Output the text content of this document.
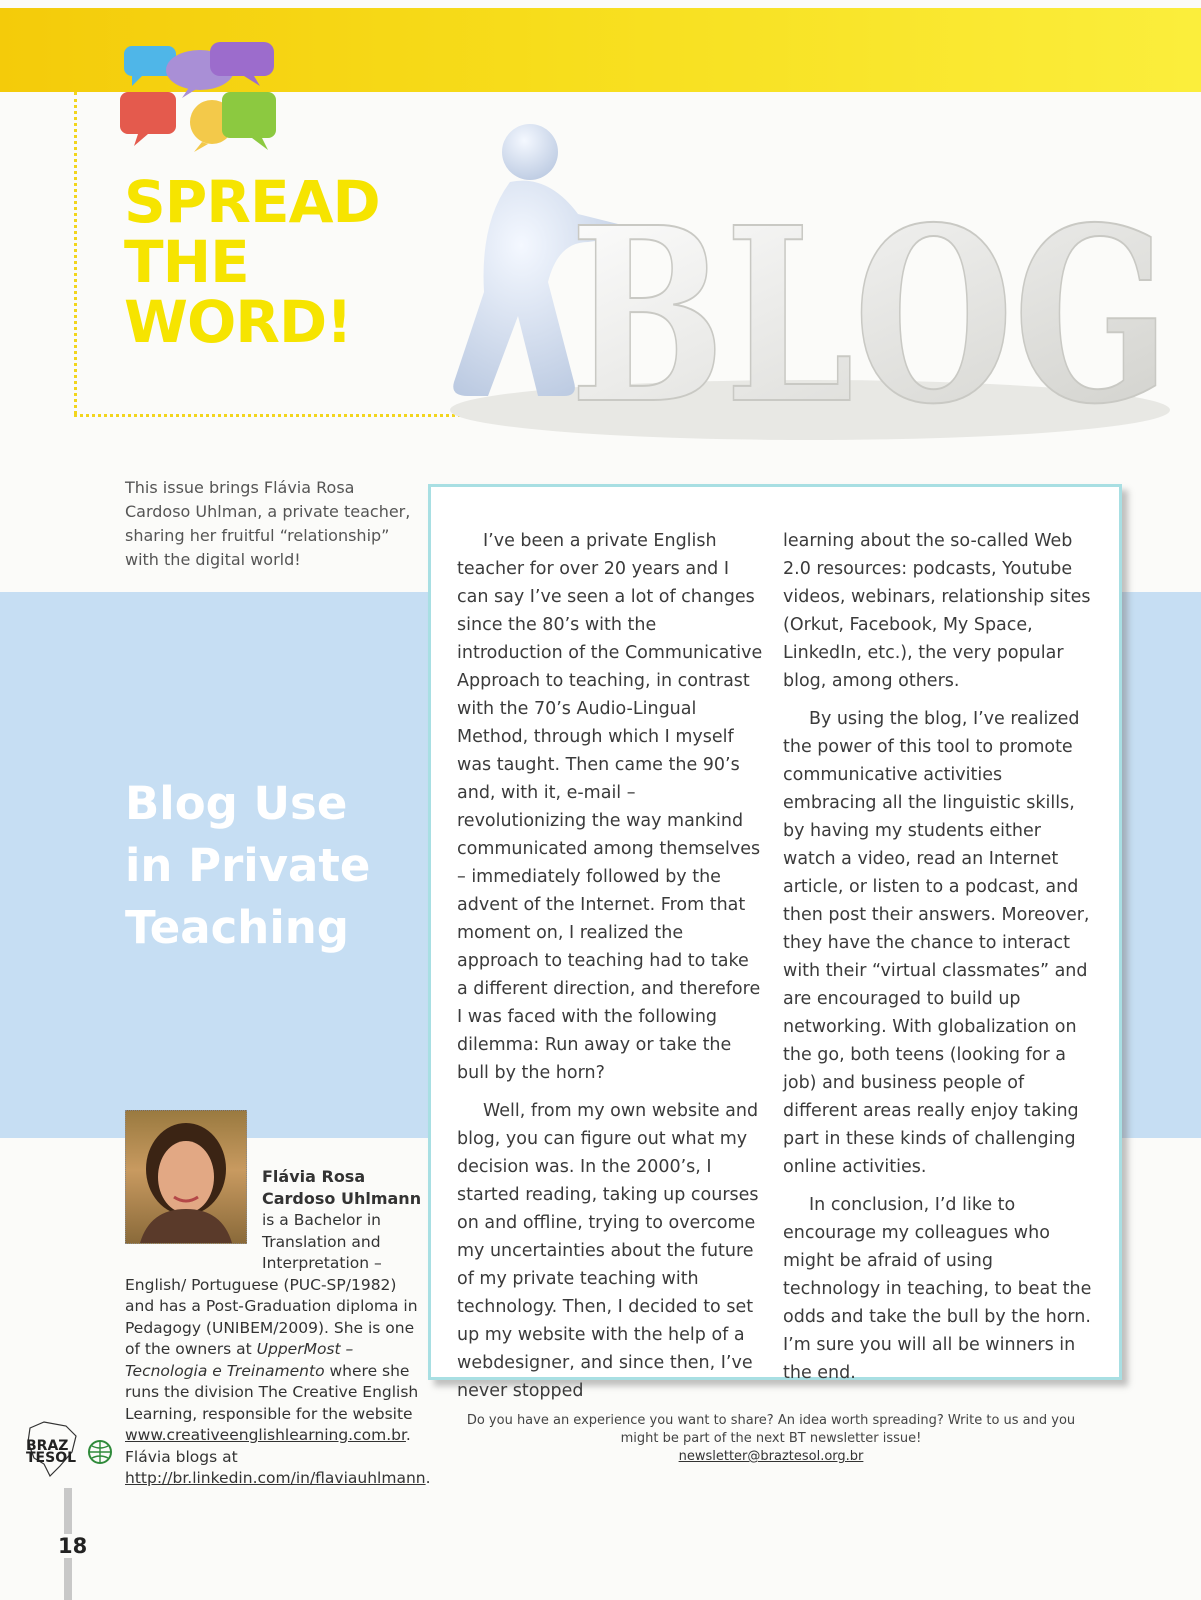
SPREAD
THE
WORD! BLOG

This issue brings Flávia Rosa Cardoso Uhlman, a private teacher, sharing her fruitful “relationship” with the digital world!

Blog Use
in Private
Teaching

I’ve been a private English teacher for over 20 years and I can say I’ve seen a lot of changes since the 80’s with the introduction of the Communicative Approach to teaching, in contrast with the 70’s Audio-Lingual Method, through which I myself was taught. Then came the 90’s and, with it, e-mail – revolutionizing the way mankind communicated among themselves – immediately followed by the advent of the Internet. From that moment on, I realized the approach to teaching had to take a different direction, and therefore I was faced with the following dilemma: Run away or take the bull by the horn?

Well, from my own website and blog, you can figure out what my decision was. In the 2000’s, I started reading, taking up courses on and offline, trying to overcome my uncertainties about the future of my private teaching with technology. Then, I decided to set up my website with the help of a webdesigner, and since then, I’ve never stopped

learning about the so-called Web 2.0 resources: podcasts, Youtube videos, webinars, relationship sites (Orkut, Facebook, My Space, LinkedIn, etc.), the very popular blog, among others.

By using the blog, I’ve realized the power of this tool to promote communicative activities embracing all the linguistic skills, by having my students either watch a video, read an Internet article, or listen to a podcast, and then post their answers. Moreover, they have the chance to interact with their “virtual classmates” and are encouraged to build up networking. With globalization on the go, both teens (looking for a job) and business people of different areas really enjoy taking part in these kinds of challenging online activities.

In conclusion, I’d like to encourage my colleagues who might be afraid of using technology in teaching, to beat the odds and take the bull by the horn. I’m sure you will all be winners in the end.

Flávia Rosa
Cardoso Uhlmann

is a Bachelor in Translation and Interpretation –
English/ Portuguese (PUC-SP/1982) and has a Post-Graduation diploma in Pedagogy (UNIBEM/2009). She is one of the owners at UpperMost – Tecnologia e Treinamento where she runs the division The Creative English Learning, responsible for the website www.creativeenglishlearning.com.br. Flávia blogs at http://br.linkedin.com/in/flaviauhlmann.

BRAZ
TESOL

18

Do you have an experience you want to share? An idea worth spreading? Write to us and you might be part of the next BT newsletter issue!
newsletter@braztesol.org.br
